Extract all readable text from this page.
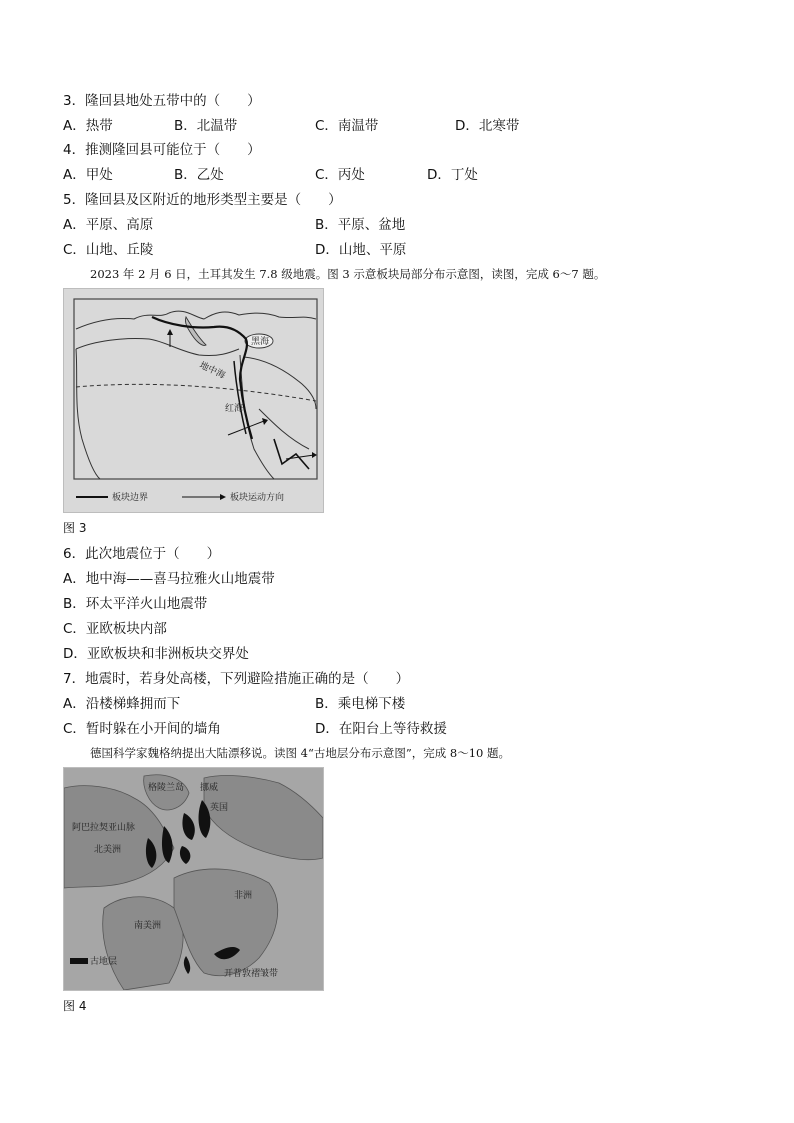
3．隆回县地处五带中的（　　）
A．热带	B．北温带	C．南温带	D．北寒带
4．推测隆回县可能位于（　　）
A．甲处	B．乙处	C．丙处	D．丁处
5．隆回县及区附近的地形类型主要是（　　）
A．平原、高原	B．平原、盆地
C．山地、丘陵	D．山地、平原
2023 年 2 月 6 日，土耳其发生 7.8 级地震。图 3 示意板块局部分布示意图，读图，完成 6～7 题。
黑海
地中海
红海
板块边界	板块运动方向
图 3
6．此次地震位于（　　）
A．地中海——喜马拉雅火山地震带
B．环太平洋火山地震带
C．亚欧板块内部
D．亚欧板块和非洲板块交界处
7．地震时，若身处高楼，下列避险措施正确的是（　　）
A．沿楼梯蜂拥而下	B．乘电梯下楼
C．暂时躲在小开间的墙角	D．在阳台上等待救援
德国科学家魏格纳提出大陆漂移说。读图 4“古地层分布示意图”，完成 8～10 题。
格陵兰岛 挪威
英国
阿巴拉契亚山脉
北美洲
非洲
南美洲
古地层
开普敦褶皱带
图 4
